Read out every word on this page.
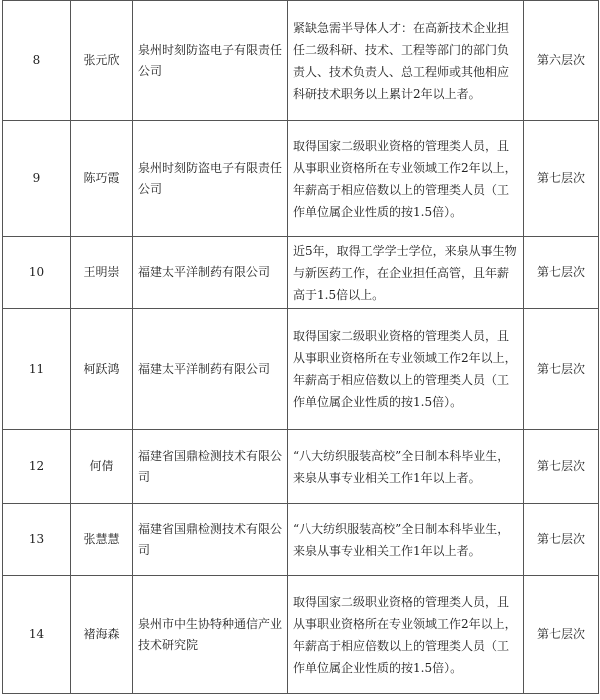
8	张元欣	泉州时刻防盗电子有限责任公司	紧缺急需半导体人才：在高新技术企业担任二级科研、技术、工程等部门的部门负责人、技术负责人、总工程师或其他相应科研技术职务以上累计2年以上者。	第六层次
9	陈巧霞	泉州时刻防盗电子有限责任公司	取得国家二级职业资格的管理类人员，且从事职业资格所在专业领域工作2年以上，年薪高于相应倍数以上的管理类人员（工作单位属企业性质的按1.5倍）。	第七层次
10	王明崇	福建太平洋制药有限公司	近5年，取得工学学士学位，来泉从事生物与新医药工作，在企业担任高管，且年薪高于1.5倍以上。	第七层次
11	柯跃鸿	福建太平洋制药有限公司	取得国家二级职业资格的管理类人员，且从事职业资格所在专业领域工作2年以上，年薪高于相应倍数以上的管理类人员（工作单位属企业性质的按1.5倍）。	第七层次
12	何倩	福建省国鼎检测技术有限公司	“八大纺织服装高校”全日制本科毕业生，来泉从事专业相关工作1年以上者。	第七层次
13	张慧慧	福建省国鼎检测技术有限公司	“八大纺织服装高校”全日制本科毕业生，来泉从事专业相关工作1年以上者。	第七层次
14	褚海森	泉州市中生协特种通信产业技术研究院	取得国家二级职业资格的管理类人员，且从事职业资格所在专业领域工作2年以上，年薪高于相应倍数以上的管理类人员（工作单位属企业性质的按1.5倍）。	第七层次
